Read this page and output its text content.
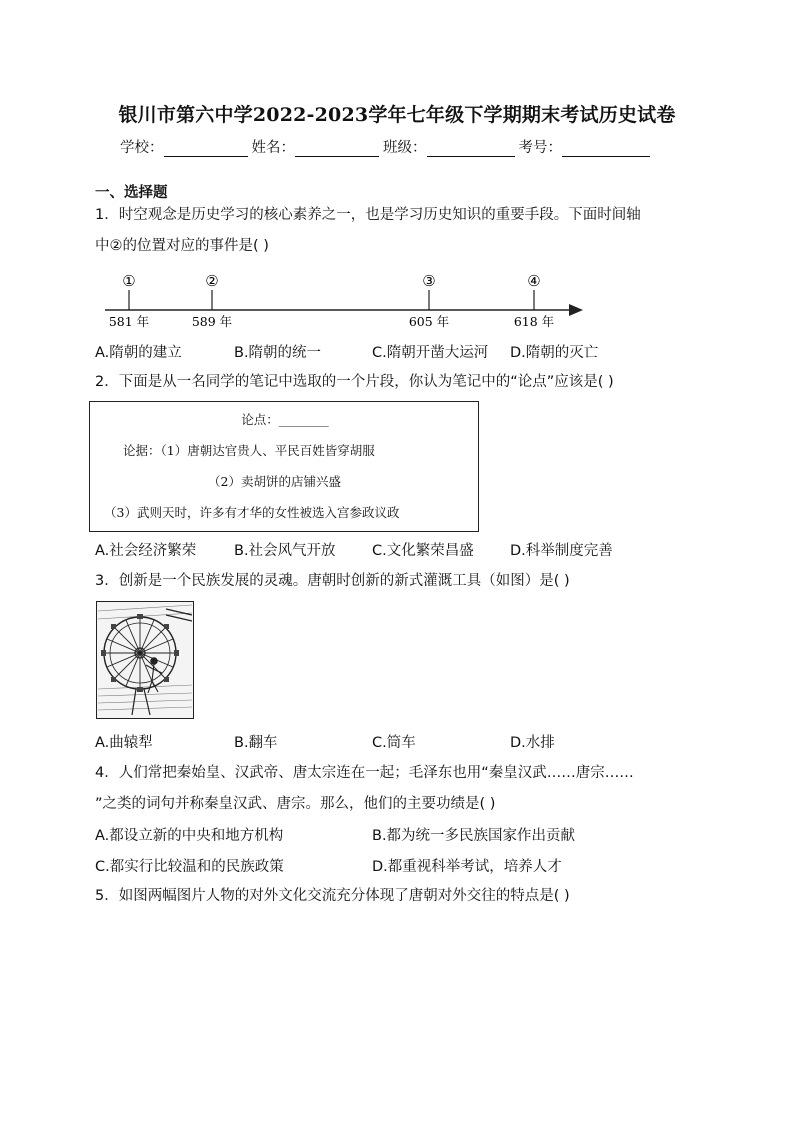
银川市第六中学2022-2023学年七年级下学期期末考试历史试卷
学校：	姓名：	班级：	考号：
一、选择题
1．时空观念是历史学习的核心素养之一，也是学习历史知识的重要手段。下面时间轴
中②的位置对应的事件是( )
①
581 年
②
589 年
③
605 年
④
618 年
A.隋朝的建立	B.隋朝的统一	C.隋朝开凿大运河 D.隋朝的灭亡
2．下面是从一名同学的笔记中选取的一个片段，你认为笔记中的“论点”应该是( )
论点：________
论据：（1）唐朝达官贵人、平民百姓皆穿胡服
（2）卖胡饼的店铺兴盛
（3）武则天时，许多有才华的女性被选入宫参政议政
A.社会经济繁荣	B.社会风气开放	C.文化繁荣昌盛	D.科举制度完善
3．创新是一个民族发展的灵魂。唐朝时创新的新式灌溉工具（如图）是( )
A.曲辕犁	B.翻车	C.筒车	D.水排
4．人们常把秦始皇、汉武帝、唐太宗连在一起；毛泽东也用“秦皇汉武……唐宗……
”之类的词句并称秦皇汉武、唐宗。那么，他们的主要功绩是( )
A.都设立新的中央和地方机构	B.都为统一多民族国家作出贡献
C.都实行比较温和的民族政策	D.都重视科举考试，培养人才
5．如图两幅图片人物的对外文化交流充分体现了唐朝对外交往的特点是( )
